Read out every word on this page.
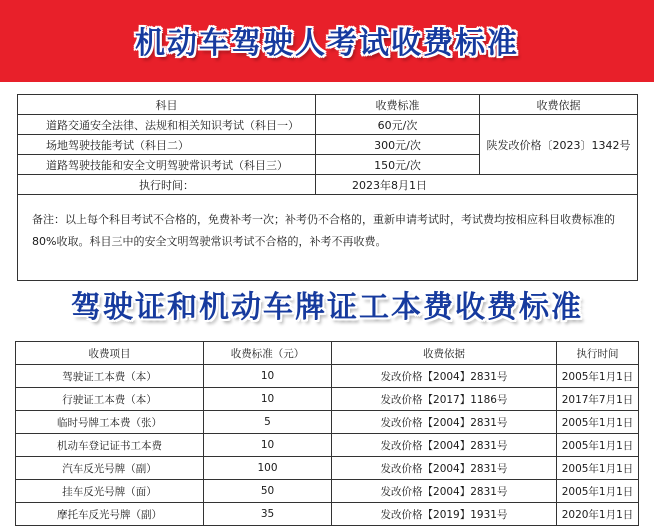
机动车驾驶人考试收费标准
科目	收费标准	收费依据
道路交通安全法律、法规和相关知识考试（科目一）	60元/次	陕发改价格〔2023〕1342号
场地驾驶技能考试（科目二）	300元/次	
道路驾驶技能和安全文明驾驶常识考试（科目三）	150元/次	
执行时间：	2023年8月1日	
备注：以上每个科目考试不合格的，免费补考一次；补考仍不合格的，重新申请考试时，考试费均按相应科目收费标准的80%收取。科目三中的安全文明驾驶常识考试不合格的，补考不再收费。		
驾驶证和机动车牌证工本费收费标准
收费项目	收费标准（元）	收费依据	执行时间
驾驶证工本费（本）	10	发改价格【2004】2831号	2005年1月1日
行驶证工本费（本）	10	发改价格【2017】1186号	2017年7月1日
临时号牌工本费（张）	5	发改价格【2004】2831号	2005年1月1日
机动车登记证书工本费	10	发改价格【2004】2831号	2005年1月1日
汽车反光号牌（副）	100	发改价格【2004】2831号	2005年1月1日
挂车反光号牌（面）	50	发改价格【2004】2831号	2005年1月1日
摩托车反光号牌（副）	35	发改价格【2019】1931号	2020年1月1日
